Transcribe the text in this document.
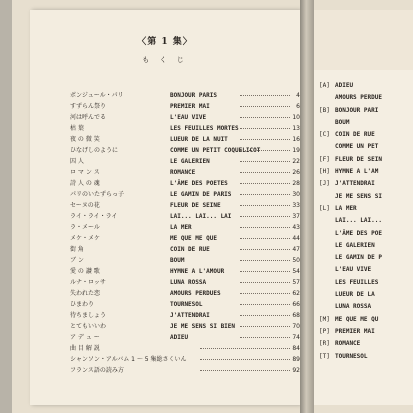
〈第 1 集〉
も く じ
ボンジュール・パリ	BONJOUR PARIS	4
すずらん祭り	PREMIER MAI	6
河は呼んでる	L'EAU VIVE	10
枯 葉	LES FEUILLES MORTES	13
夜 の 微 笑	LUEUR DE LA NUIT	16
ひなげしのように	COMME UN PETIT COQUELICOT	19
囚 人	LE GALERIEN	22
ロ マ ン ス	ROMANCE	26
詩 人 の 魂	L'ÂME DES POETES	28
パリのいたずらっ子	LE GAMIN DE PARIS	30
セーヌの花	FLEUR DE SEINE	33
ライ・ライ・ライ	LAI... LAI... LAI	37
ラ・メール	LA MER	43
メケ・メケ	ME QUE ME QUE	44
街 角	COIN DE RUE	47
ブ ン	BOUM	50
愛 の 讃 歌	HYMNE A L'AMOUR	54
ルナ・ロッサ	LUNA ROSSA	57
失われた恋	AMOURS PERDUES	62
ひまわり	TOURNESOL	66
待ちましょう	J'ATTENDRAI	68
とてもいいわ	JE ME SENS SI BIEN	70
ア デ ュ ー	ADIEU	74
曲 目 解 説	84
シャンソン・アルバム 1 ～ 5 集総さくいん	89
フランス語の読み方	92
[A] ADIEU
AMOURS PERDUE
[B] BONJOUR PARI
BOUM
[C] COIN DE RUE
COMME UN PET
[F] FLEUR DE SEIN
[H] HYMNE A L'AM
[J] J'ATTENDRAI
JE ME SENS SI
[L] LA MER
LAI... LAI...
L'ÂME DES POE
LE GALERIEN
LE GAMIN DE P
L'EAU VIVE
LES FEUILLES
LUEUR DE LA
LUNA ROSSA
[M] ME QUE ME QU
[P] PREMIER MAI
[R] ROMANCE
[T] TOURNESOL
